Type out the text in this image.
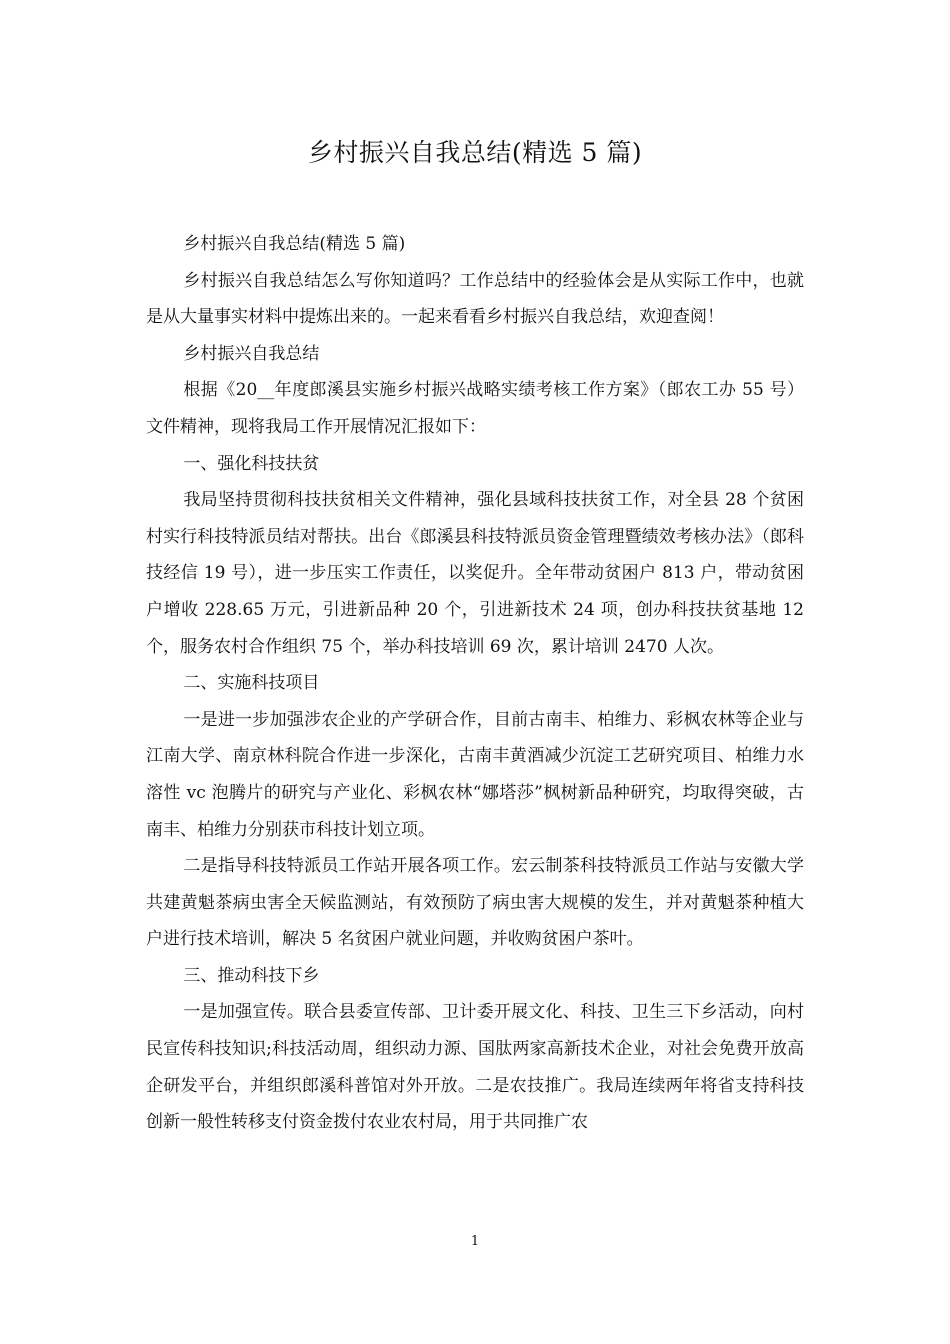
乡村振兴自我总结(精选 5 篇)

乡村振兴自我总结(精选 5 篇)

乡村振兴自我总结怎么写你知道吗？工作总结中的经验体会是从实际工作中，也就是从大量事实材料中提炼出来的。一起来看看乡村振兴自我总结，欢迎查阅！

乡村振兴自我总结

根据《20__年度郎溪县实施乡村振兴战略实绩考核工作方案》（郎农工办 55 号）文件精神，现将我局工作开展情况汇报如下：

一、强化科技扶贫

我局坚持贯彻科技扶贫相关文件精神，强化县域科技扶贫工作，对全县 28 个贫困村实行科技特派员结对帮扶。出台《郎溪县科技特派员资金管理暨绩效考核办法》（郎科技经信 19 号），进一步压实工作责任，以奖促升。全年带动贫困户 813 户，带动贫困户增收 228.65 万元，引进新品种 20 个，引进新技术 24 项，创办科技扶贫基地 12 个，服务农村合作组织 75 个，举办科技培训 69 次，累计培训 2470 人次。

二、实施科技项目

一是进一步加强涉农企业的产学研合作，目前古南丰、柏维力、彩枫农林等企业与江南大学、南京林科院合作进一步深化，古南丰黄酒减少沉淀工艺研究项目、柏维力水溶性 vc 泡腾片的研究与产业化、彩枫农林“娜塔莎”枫树新品种研究，均取得突破，古南丰、柏维力分别获市科技计划立项。

二是指导科技特派员工作站开展各项工作。宏云制茶科技特派员工作站与安徽大学共建黄魁茶病虫害全天候监测站，有效预防了病虫害大规模的发生，并对黄魁茶种植大户进行技术培训，解决 5 名贫困户就业问题，并收购贫困户茶叶。

三、推动科技下乡

一是加强宣传。联合县委宣传部、卫计委开展文化、科技、卫生三下乡活动，向村民宣传科技知识;科技活动周，组织动力源、国肽两家高新技术企业，对社会免费开放高企研发平台，并组织郎溪科普馆对外开放。二是农技推广。我局连续两年将省支持科技创新一般性转移支付资金拨付农业农村局，用于共同推广农

1
